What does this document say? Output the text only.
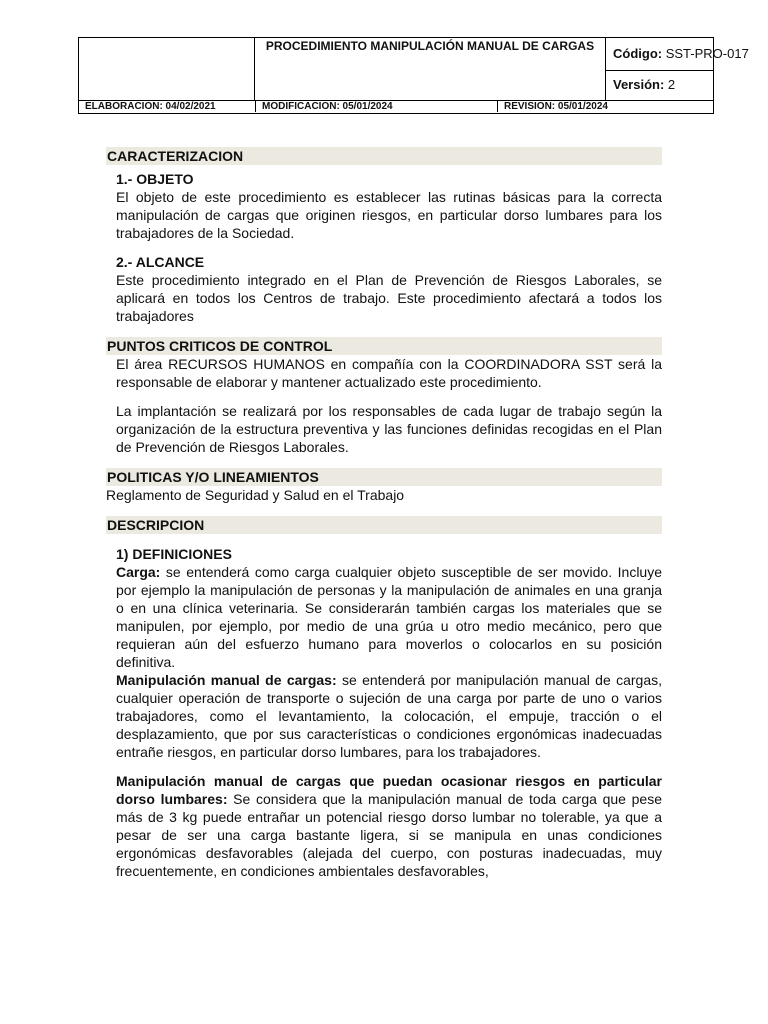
PROCEDIMIENTO MANIPULACIÓN MANUAL DE CARGAS	Código: SST-PRO-017
Versión: 2
ELABORACION: 04/02/2021	MODIFICACION: 05/01/2024	REVISION: 05/01/2024

CARACTERIZACION

1.- OBJETO

El objeto de este procedimiento es establecer las rutinas básicas para la correcta manipulación de cargas que originen riesgos, en particular dorso lumbares para los trabajadores de la Sociedad.

2.- ALCANCE

Este procedimiento integrado en el Plan de Prevención de Riesgos Laborales, se aplicará en todos los Centros de trabajo. Este procedimiento afectará a todos los trabajadores

PUNTOS CRITICOS DE CONTROL

El área RECURSOS HUMANOS en compañía con la COORDINADORA SST será la responsable de elaborar y mantener actualizado este procedimiento.

La implantación se realizará por los responsables de cada lugar de trabajo según la organización de la estructura preventiva y las funciones definidas recogidas en el Plan de Prevención de Riesgos Laborales.

POLITICAS Y/O LINEAMIENTOS

Reglamento de Seguridad y Salud en el Trabajo

DESCRIPCION

1) DEFINICIONES

Carga: se entenderá como carga cualquier objeto susceptible de ser movido. Incluye por ejemplo la manipulación de personas y la manipulación de animales en una granja o en una clínica veterinaria. Se considerarán también cargas los materiales que se manipulen, por ejemplo, por medio de una grúa u otro medio mecánico, pero que requieran aún del esfuerzo humano para moverlos o colocarlos en su posición definitiva.

Manipulación manual de cargas: se entenderá por manipulación manual de cargas, cualquier operación de transporte o sujeción de una carga por parte de uno o varios trabajadores, como el levantamiento, la colocación, el empuje, tracción o el desplazamiento, que por sus características o condiciones ergonómicas inadecuadas entrañe riesgos, en particular dorso lumbares, para los trabajadores.

Manipulación manual de cargas que puedan ocasionar riesgos en particular dorso lumbares: Se considera que la manipulación manual de toda carga que pese más de 3 kg puede entrañar un potencial riesgo dorso lumbar no tolerable, ya que a pesar de ser una carga bastante ligera, si se manipula en unas condiciones ergonómicas desfavorables (alejada del cuerpo, con posturas inadecuadas, muy frecuentemente, en condiciones ambientales desfavorables,
